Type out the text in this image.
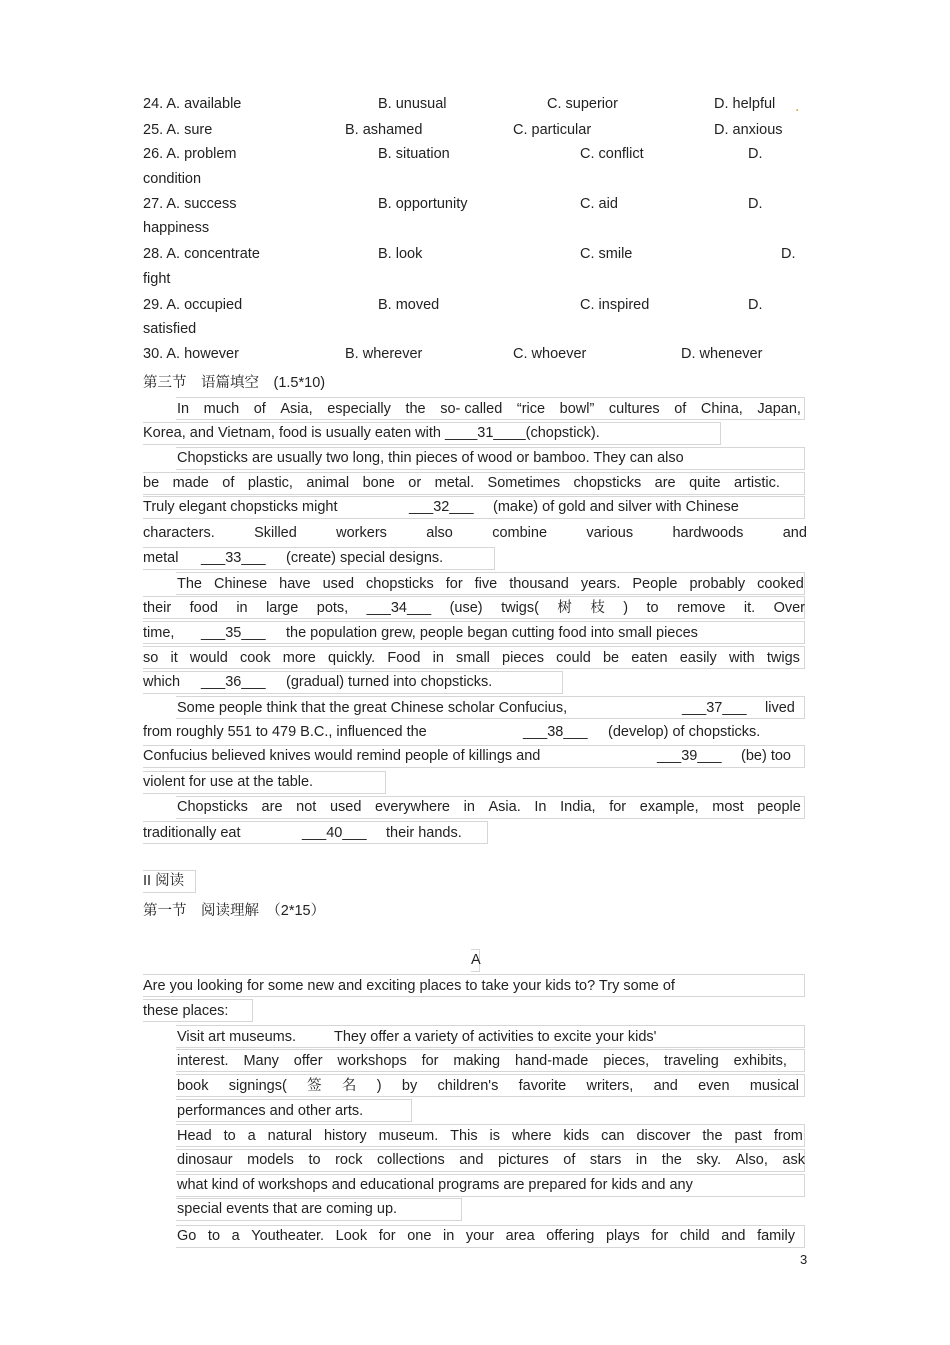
24. A. available	B. unusual	C. superior	D. helpful .
25. A. sure	B. ashamed	C. particular	D. anxious
26. A. problem	B. situation	C. conflict	D.
condition
27. A. success	B. opportunity	C. aid	D.
happiness
28. A. concentrate	B. look	C. smile	D.
fight
29. A. occupied	B. moved	C. inspired	D.
satisfied
30. A. however	B. wherever	C. whoever	D. whenever
第三节　语篇填空　(1.5*10)
In much of Asia, especially the so- called “rice bowl” cultures of China, Japan,
Korea, and Vietnam, food is usually eaten with ____31____(chopstick).
Chopsticks are usually two long, thin pieces of wood or bamboo. They can also
be made of plastic, animal bone or metal. Sometimes chopsticks are quite artistic.
Truly elegant chopsticks might	___32___ (make) of gold and silver with Chinese
characters.	Skilled	workers	also	combine	various	hardwoods	and
metal ___33___ (create) special designs.
The Chinese have used chopsticks for five thousand years. People probably cooked
their food in large pots, ___34___ (use) twigs( 树 枝 ) to remove it. Over
time, ___35___ the population grew, people began cutting food into small pieces
so it would cook more quickly. Food in small pieces could be eaten easily with twigs
which ___36___ (gradual) turned into chopsticks.
Some people think that the great Chinese scholar Confucius,	___37___ lived
from roughly 551 to 479 B.C., influenced the	___38___ (develop) of chopsticks.
Confucius believed knives would remind people of killings and	___39___ (be) too
violent for use at the table.
Chopsticks are not used everywhere in Asia. In India, for example, most people
traditionally eat	___40___ their hands.
II 阅读
第一节　阅读理解　（2*15）
A
Are you looking for some new and exciting places to take your kids to? Try some of
these places:
Visit art museums.	They offer a variety of activities to excite your kids'
interest. Many offer workshops for making hand-made pieces, traveling exhibits,
book signings( 签 名 ) by children's favorite writers, and even musical
performances and other arts.
Head to a natural history museum. This is where kids can discover the past from
dinosaur models to rock collections and pictures of stars in the sky. Also, ask
what kind of workshops and educational programs are prepared for kids and any
special events that are coming up.
Go to a Youtheater. Look for one in your area offering plays for child and family
3
